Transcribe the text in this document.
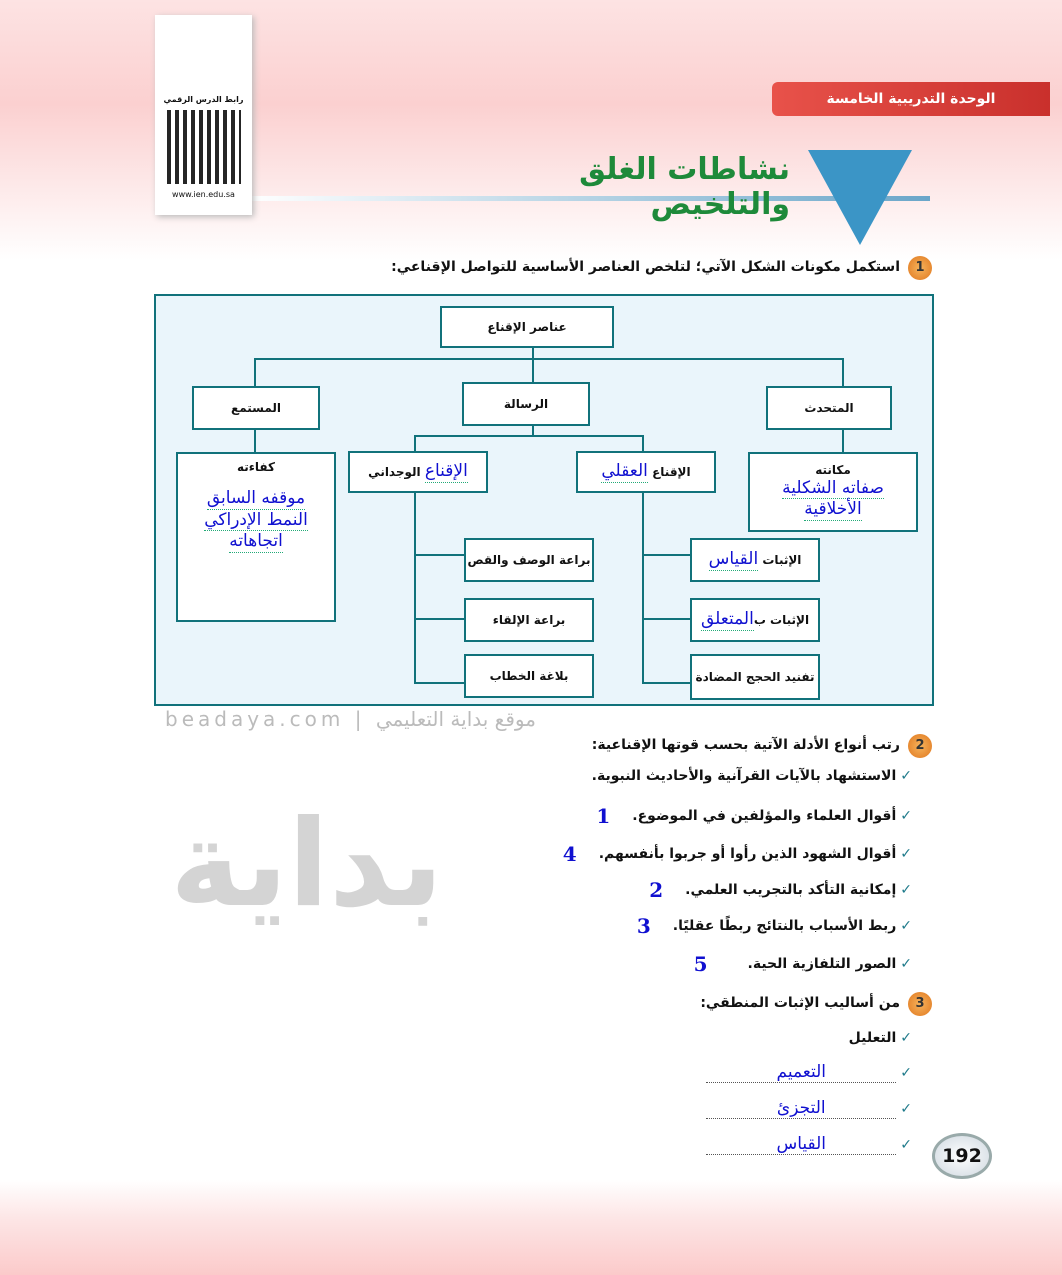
الوحدة التدريبية الخامسة
نشاطات الغلق والتلخيص
رابط الدرس الرقمي
www.ien.edu.sa
1استكمل مكونات الشكل الآتي؛ لتلخص العناصر الأساسية للتواصل الإقناعي:
عناصر الإقناع
المتحدث
الرسالة
المستمع
مكانته
صفاته الشكلية
الأخلاقية
كفاءته
موقفه السابق
النمط الإدراكي
اتجاهاته
الإقناع

العقلي
الإقناع

الوجداني
الإثبات

القياس
الإثبات ب
المتعلق
تفنيد الحجج المضادة
براعة الوصف والقص
براعة الإلقاء
بلاغة الخطاب
beadaya.com | موقع بداية التعليمي
بداية
2رتب أنواع الأدلة الآتية بحسب قوتها الإقناعية:
✓
الاستشهاد بالآيات القرآنية والأحاديث النبوية.
✓
أقوال العلماء والمؤلفين في الموضوع.
1
✓
أقوال الشهود الذين رأوا أو جربوا بأنفسهم.
4
✓
إمكانية التأكد بالتجريب العلمي.
2
✓
ربط الأسباب بالنتائج ربطًا عقليًا.
3
✓
الصور التلفازية الحية.
5
3من أساليب الإثبات المنطقي:
✓
التعليل
✓
التعميم
✓
التجزئ
✓
القياس
192
